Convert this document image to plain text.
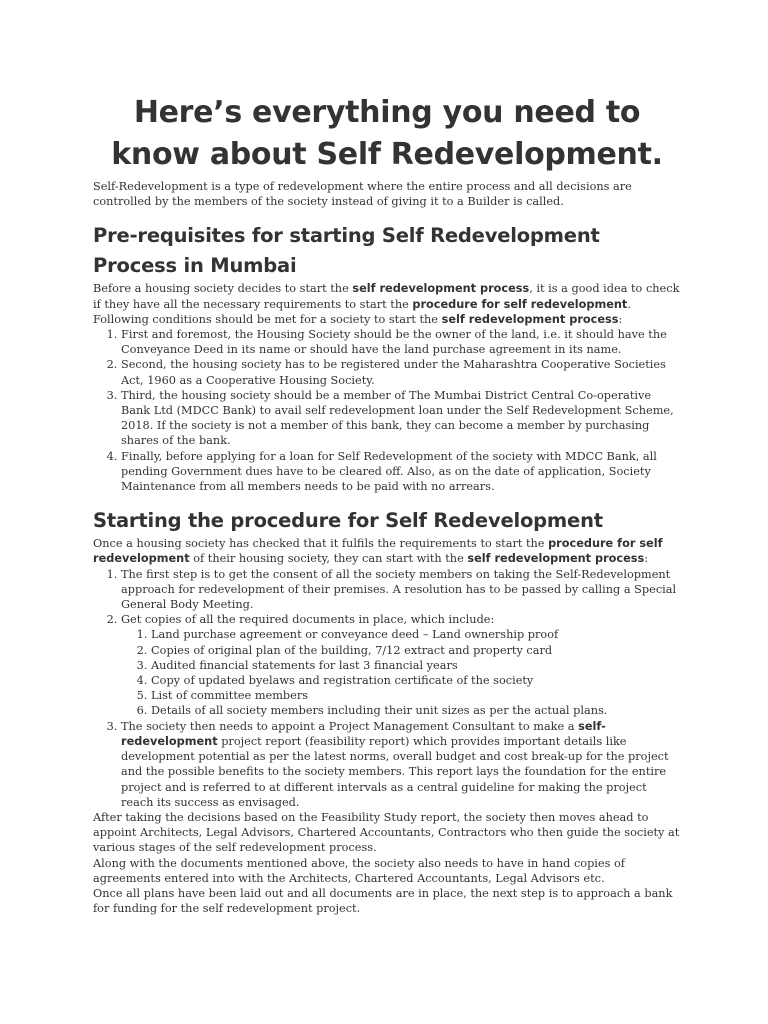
Here’s everything you need to know about Self Redevelopment.

Self-Redevelopment is a type of redevelopment where the entire process and all decisions are controlled by the members of the society instead of giving it to a Builder is called.

Pre-requisites for starting Self Redevelopment Process in Mumbai

Before a housing society decides to start the self redevelopment process, it is a good idea to check if they have all the necessary requirements to start the procedure for self redevelopment.

Following conditions should be met for a society to start the self redevelopment process:

1. First and foremost, the Housing Society should be the owner of the land, i.e. it should have the Conveyance Deed in its name or should have the land purchase agreement in its name.
2. Second, the housing society has to be registered under the Maharashtra Cooperative Societies Act, 1960 as a Cooperative Housing Society.
3. Third, the housing society should be a member of The Mumbai District Central Co-operative Bank Ltd (MDCC Bank) to avail self redevelopment loan under the Self Redevelopment Scheme, 2018. If the society is not a member of this bank, they can become a member by purchasing shares of the bank.
4. Finally, before applying for a loan for Self Redevelopment of the society with MDCC Bank, all pending Government dues have to be cleared off. Also, as on the date of application, Society Maintenance from all members needs to be paid with no arrears.
Starting the procedure for Self Redevelopment

Once a housing society has checked that it fulfils the requirements to start the procedure for self redevelopment of their housing society, they can start with the self redevelopment process:

1. The first step is to get the consent of all the society members on taking the Self-Redevelopment approach for redevelopment of their premises. A resolution has to be passed by calling a Special General Body Meeting.
2. Get copies of all the required documents in place, which include:
1. Land purchase agreement or conveyance deed – Land ownership proof
2. Copies of original plan of the building, 7/12 extract and property card
3. Audited financial statements for last 3 financial years
4. Copy of updated byelaws and registration certificate of the society
5. List of committee members
6. Details of all society members including their unit sizes as per the actual plans.
3. The society then needs to appoint a Project Management Consultant to make a self-redevelopment project report (feasibility report) which provides important details like development potential as per the latest norms, overall budget and cost break-up for the project and the possible benefits to the society members. This report lays the foundation for the entire project and is referred to at different intervals as a central guideline for making the project reach its success as envisaged.

After taking the decisions based on the Feasibility Study report, the society then moves ahead to appoint Architects, Legal Advisors, Chartered Accountants, Contractors who then guide the society at various stages of the self redevelopment process.

Along with the documents mentioned above, the society also needs to have in hand copies of agreements entered into with the Architects, Chartered Accountants, Legal Advisors etc.

Once all plans have been laid out and all documents are in place, the next step is to approach a bank for funding for the self redevelopment project.
